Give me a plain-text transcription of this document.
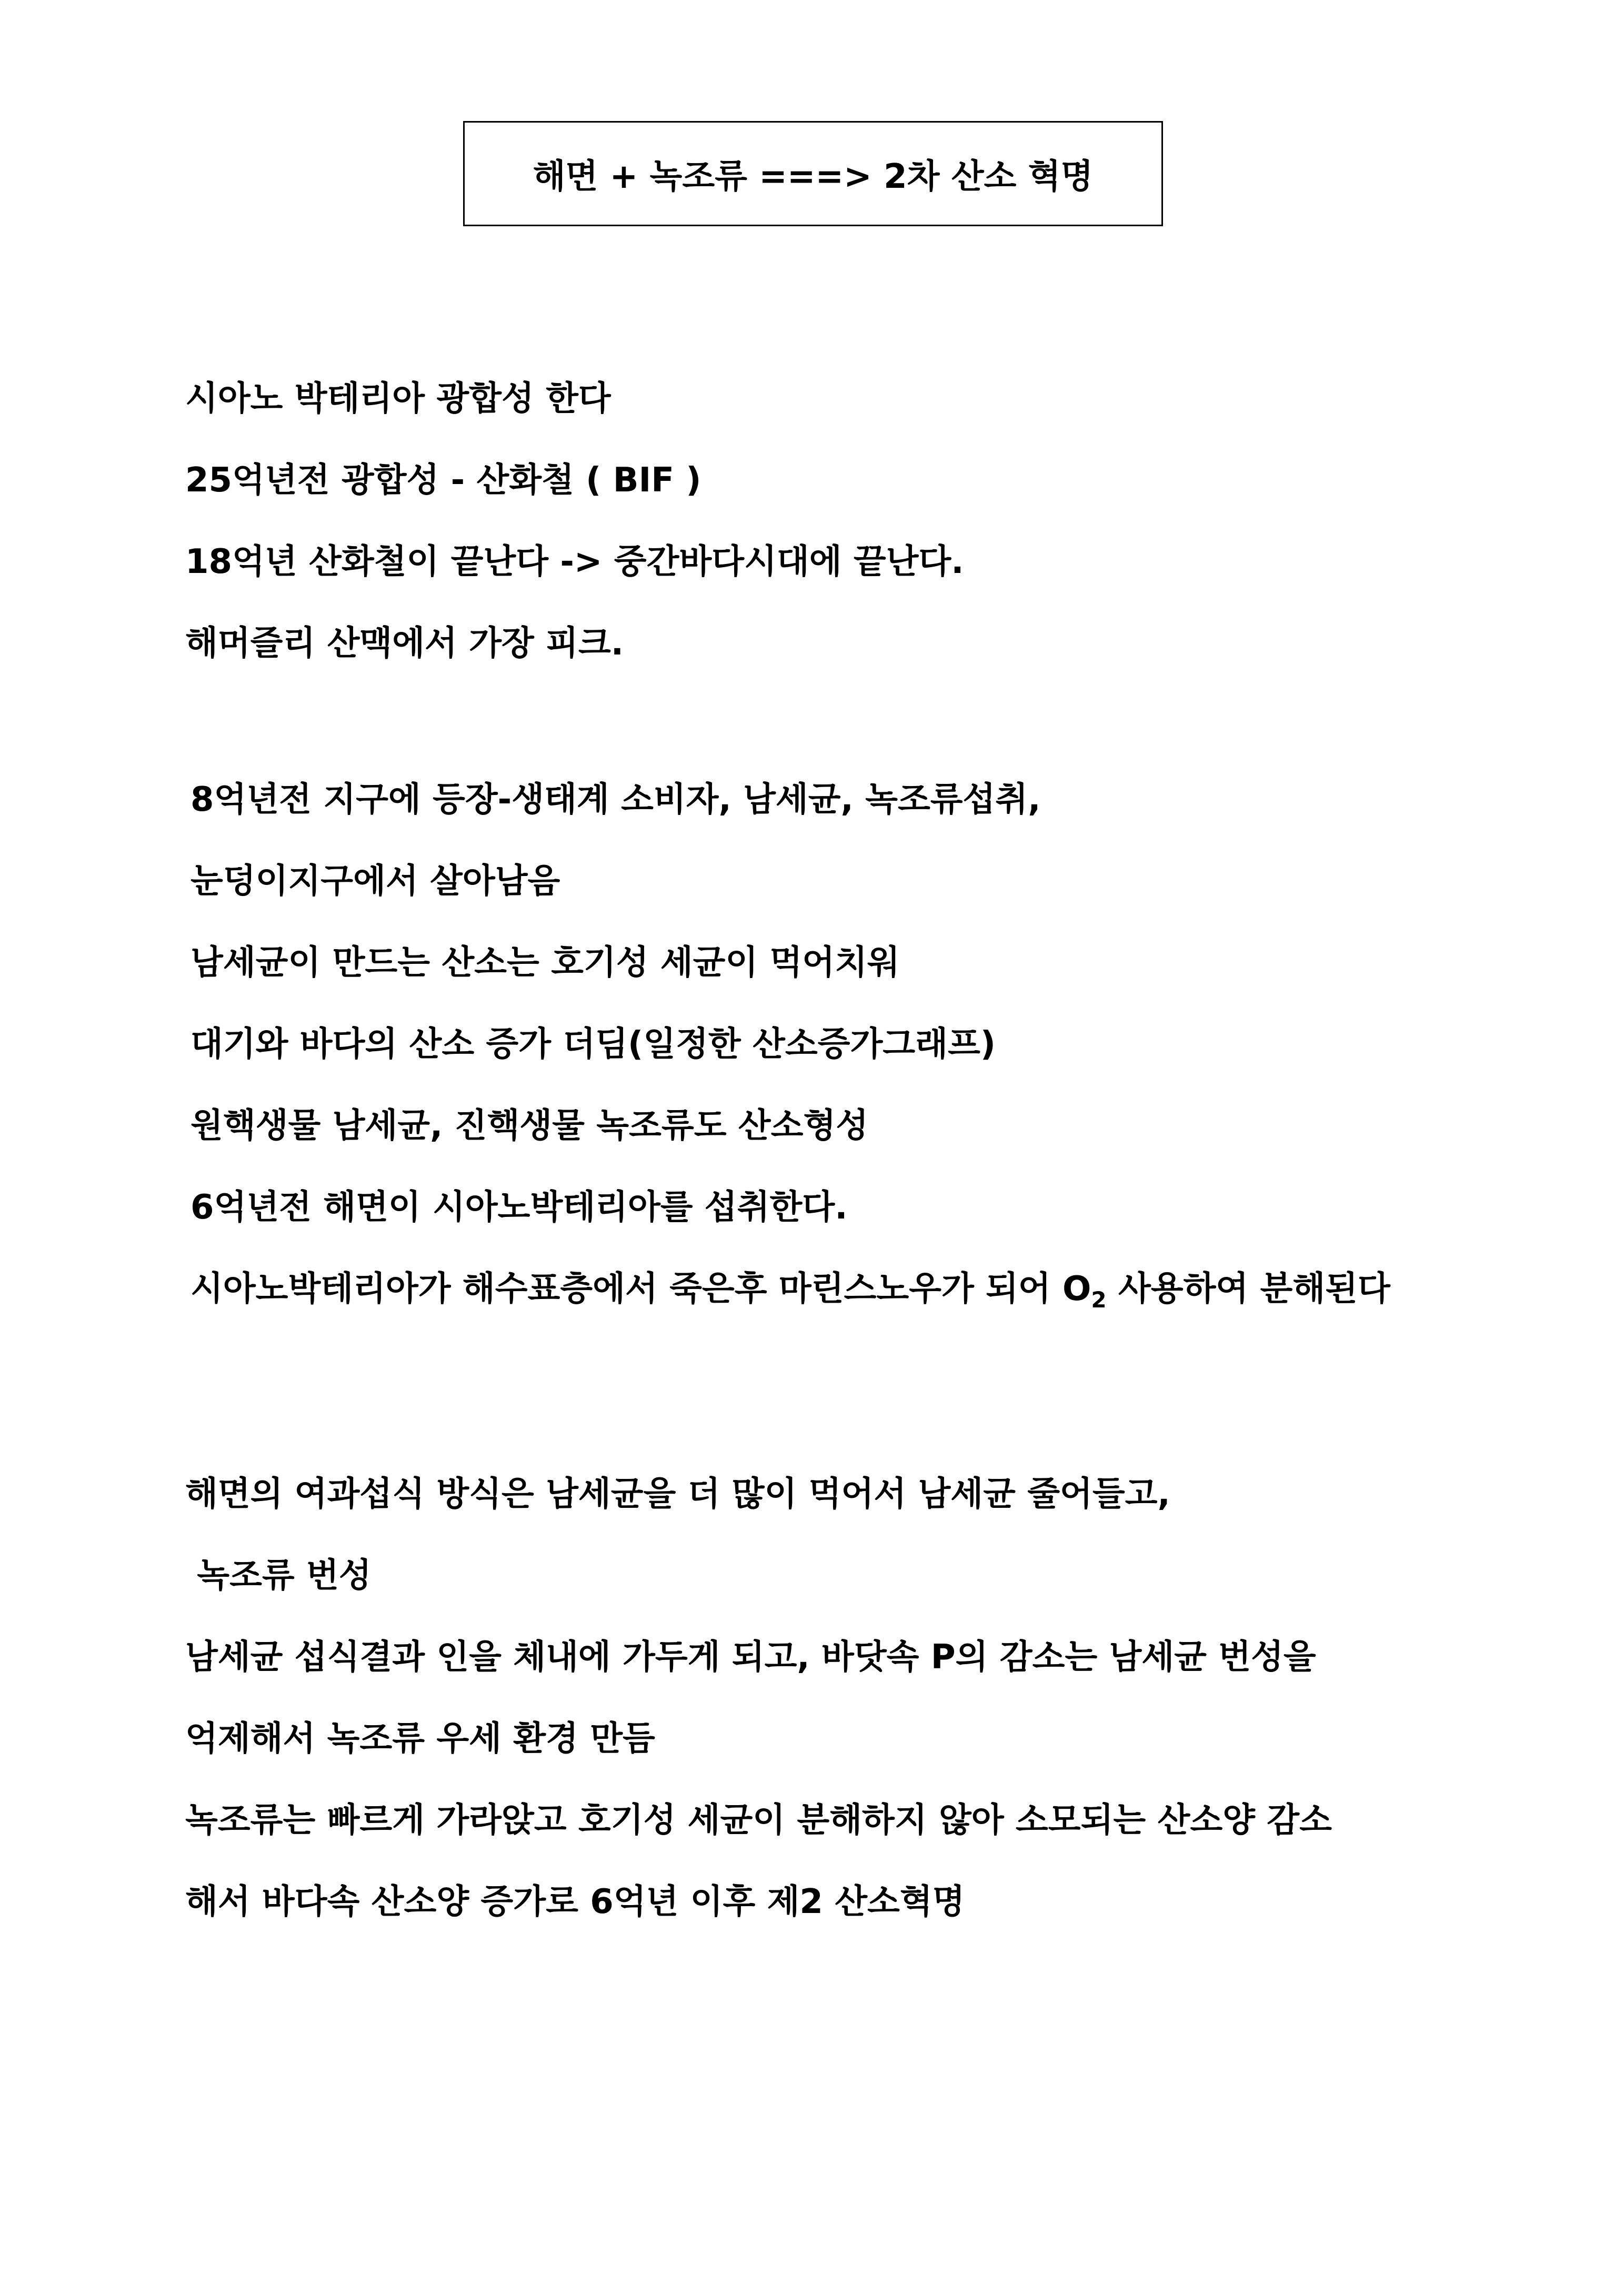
해면 + 녹조류 ===> 2차 산소 혁명
시아노 박테리아 광합성 한다
25억년전 광합성 - 산화철 ( BIF )
18억년 산화철이 끝난다 -> 중간바다시대에 끝난다.
해머즐리 산맥에서 가장 피크.
8억년전 지구에 등장-생태계 소비자, 남세균, 녹조류섭취,
눈덩이지구에서 살아남음
남세균이 만드는 산소는 호기성 세균이 먹어치워
대기와 바다의 산소 증가 더딤(일정한 산소증가그래프)
원핵생물 남세균, 진핵생물 녹조류도 산소형성
6억년전 해면이 시아노박테리아를 섭취한다.
시아노박테리아가 해수표층에서 죽은후 마린스노우가 되어 $O_2$ 사용하여 분해된다
해면의 여과섭식 방식은 남세균을 더 많이 먹어서 남세균 줄어들고,
녹조류 번성
남세균 섭식결과 인을 체내에 가두게 되고, 바닷속 P의 감소는 남세균 번성을
억제해서 녹조류 우세 환경 만듬
녹조류는 빠르게 가라앉고 호기성 세균이 분해하지 않아 소모되는 산소양 감소
해서 바다속 산소양 증가로 6억년 이후 제2 산소혁명
